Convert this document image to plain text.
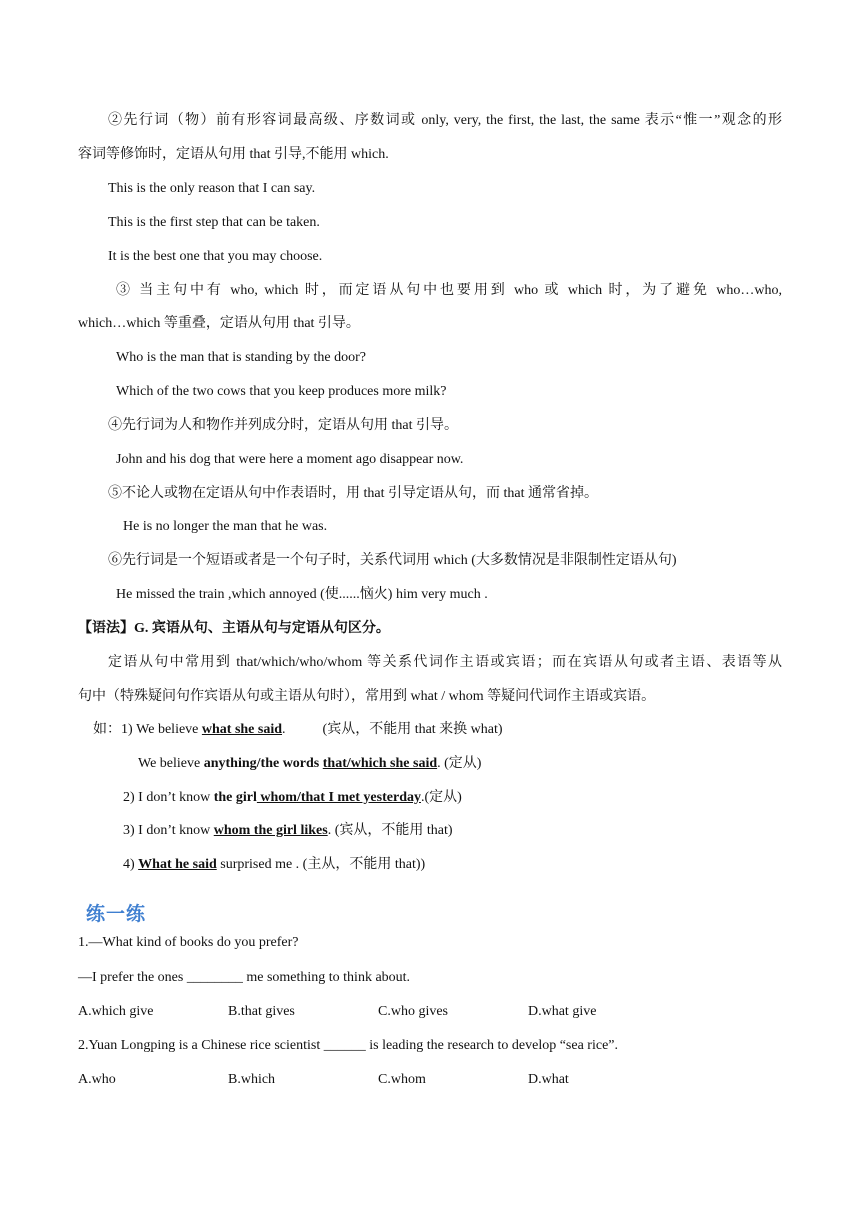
②先行词（物）前有形容词最高级、序数词或 only, very, the first, the last, the same 表示“惟一”观念的形
容词等修饰时，定语从句用 that 引导,不能用 which.
This is the only reason that I can say.
This is the first step that can be taken.
It is the best one that you may choose.
③ 当主句中有 who, which 时，而定语从句中也要用到 who 或 which 时，为了避免 who…who,
which…which 等重叠，定语从句用 that 引导。
Who is the man that is standing by the door?
Which of the two cows that you keep produces more milk?
④先行词为人和物作并列成分时，定语从句用 that 引导。
John and his dog that were here a moment ago disappear now.
⑤不论人或物在定语从句中作表语时，用 that 引导定语从句，而 that 通常省掉。
He is no longer the man that he was.
⑥先行词是一个短语或者是一个句子时，关系代词用 which (大多数情况是非限制性定语从句)
He missed the train ,which annoyed (使......恼火) him very much .
【语法】G. 宾语从句、主语从句与定语从句区分。
定语从句中常用到 that/which/who/whom 等关系代词作主语或宾语；而在宾语从句或者主语、表语等从
句中（特殊疑问句作宾语从句或主语从句时），常用到 what / whom 等疑问代词作主语或宾语。
如：1) We believe what she said.	(宾从，不能用 that 来换 what)
We believe anything/the words that/which she said. (定从)
2) I don’t know the girl whom/that I met yesterday.(定从)
3) I don’t know whom the girl likes. (宾从，不能用 that)
4) What he said surprised me . (主从，不能用 that))
练一练
1.—What kind of books do you prefer?
—I prefer the ones ________ me something to think about.
A.which give	B.that gives	C.who gives	D.what give
2.Yuan Longping is a Chinese rice scientist ______ is leading the research to develop “sea rice”.
A.who	B.which	C.whom	D.what
